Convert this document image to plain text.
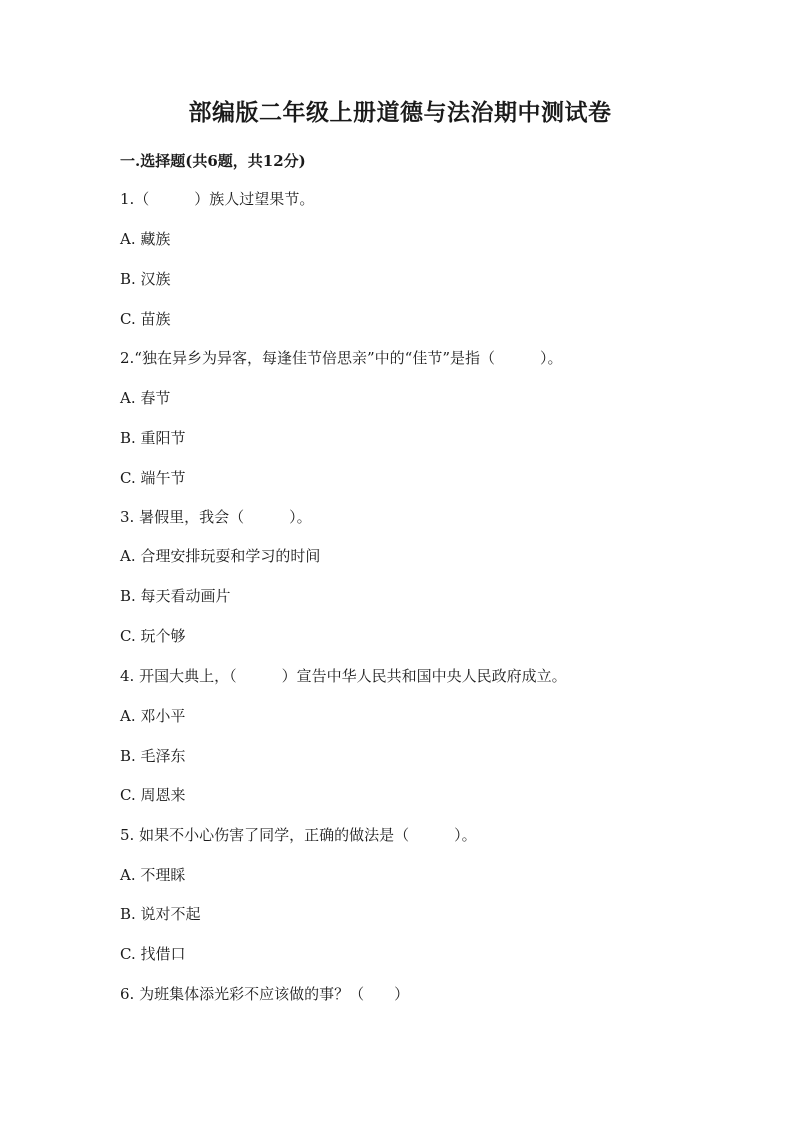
部编版二年级上册道德与法治期中测试卷
一.选择题(共6题，共12分)
1.（　　　）族人过望果节。
A. 藏族
B. 汉族
C. 苗族
2.“独在异乡为异客，每逢佳节倍思亲”中的“佳节”是指（　　　）。
A. 春节
B. 重阳节
C. 端午节
3. 暑假里，我会（　　　）。
A. 合理安排玩耍和学习的时间
B. 每天看动画片
C. 玩个够
4. 开国大典上，（　　　）宣告中华人民共和国中央人民政府成立。
A. 邓小平
B. 毛泽东
C. 周恩来
5. 如果不小心伤害了同学，正确的做法是（　　　）。
A. 不理睬
B. 说对不起
C. 找借口
6. 为班集体添光彩不应该做的事？（　　）
